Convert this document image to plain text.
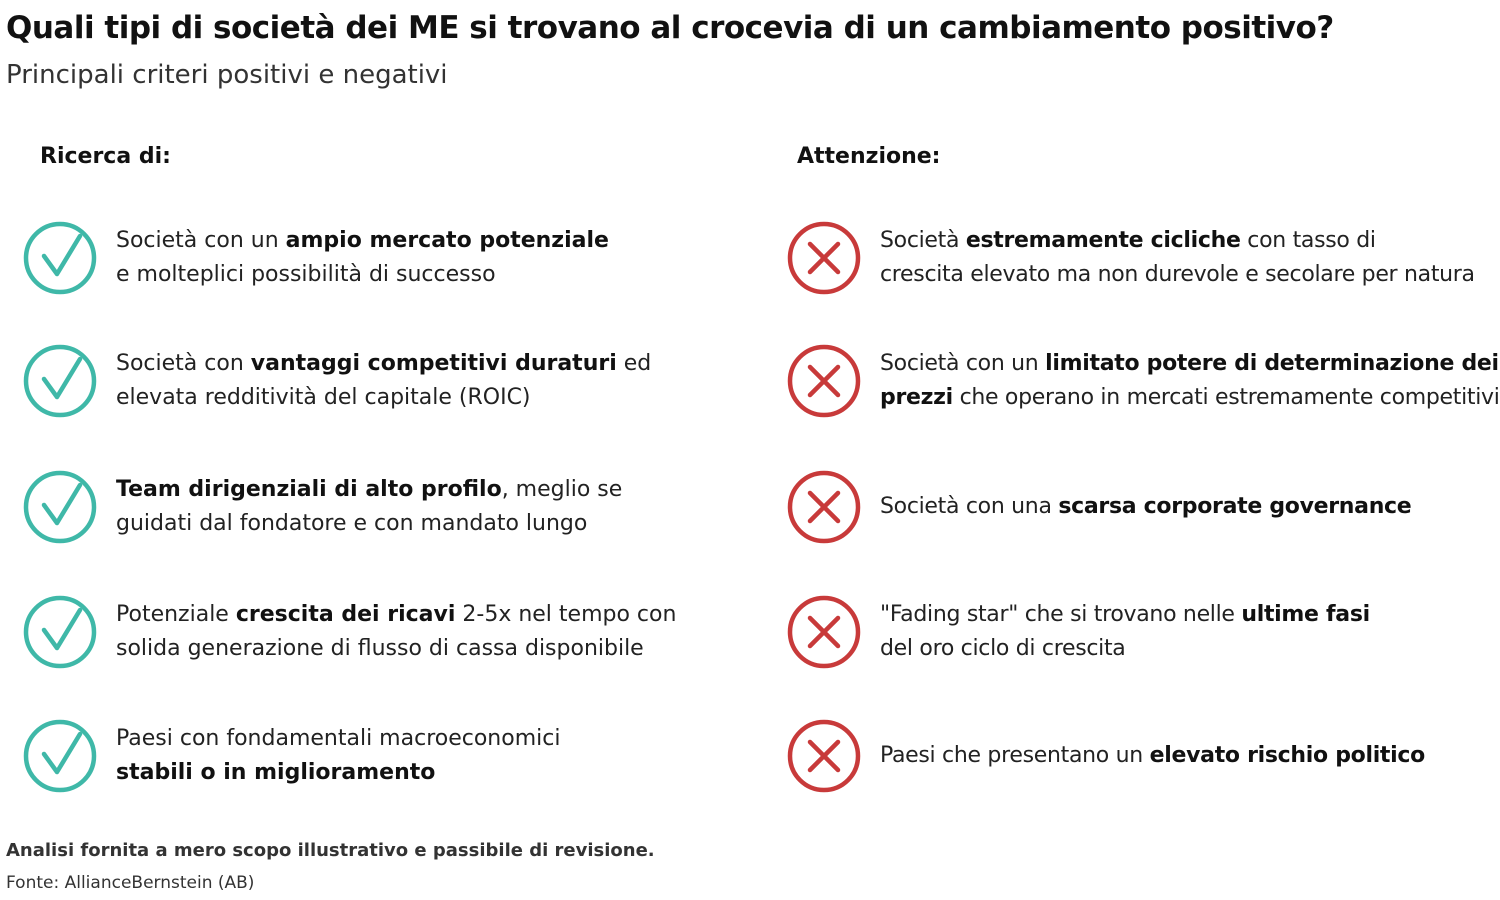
Quali tipi di società dei ME si trovano al crocevia di un cambiamento positivo?
Principali criteri positivi e negativi
Ricerca di:	Attenzione:
Società con un ampio mercato potenziale
e molteplici possibilità di successo
Società con vantaggi competitivi duraturi ed
elevata redditività del capitale (ROIC)
Team dirigenziali di alto profilo, meglio se
guidati dal fondatore e con mandato lungo
Potenziale crescita dei ricavi 2-5x nel tempo con
solida generazione di flusso di cassa disponibile
Paesi con fondamentali macroeconomici
stabili o in miglioramento
Società estremamente cicliche con tasso di
crescita elevato ma non durevole e secolare per natura
Società con un limitato potere di determinazione dei
prezzi che operano in mercati estremamente competitivi
Società con una scarsa corporate governance
"Fading star" che si trovano nelle ultime fasi
del oro ciclo di crescita
Paesi che presentano un elevato rischio politico
Analisi fornita a mero scopo illustrativo e passibile di revisione.
Fonte: AllianceBernstein (AB)
